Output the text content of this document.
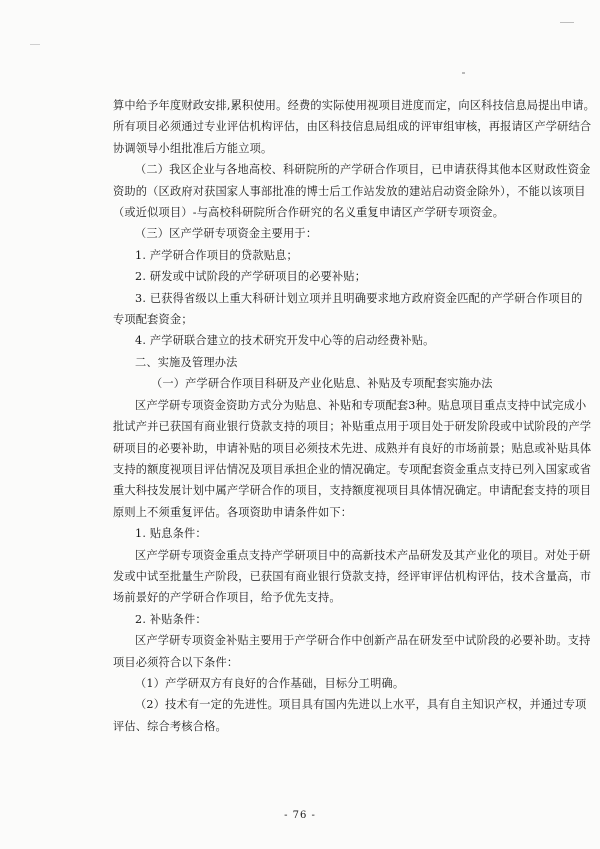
算中给予年度财政安排,累积使用。经费的实际使用视项目进度而定，向区科技信息局提出申请。
所有项目必须通过专业评估机构评估，由区科技信息局组成的评审组审核，再报请区产学研结合
协调领导小组批准后方能立项。
（二）我区企业与各地高校、科研院所的产学研合作项目，已申请获得其他本区财政性资金
资助的（区政府对获国家人事部批准的博士后工作站发放的建站启动资金除外），不能以该项目
（或近似项目）-与高校科研院所合作研究的名义重复申请区产学研专项资金。
（三）区产学研专项资金主要用于：
1. 产学研合作项目的贷款贴息；
2. 研发或中试阶段的产学研项目的必要补贴；
3. 已获得省级以上重大科研计划立项并且明确要求地方政府资金匹配的产学研合作项目的
专项配套资金；
4. 产学研联合建立的技术研究开发中心等的启动经费补贴。
二、实施及管理办法
（一）产学研合作项目科研及产业化贴息、补贴及专项配套实施办法
区产学研专项资金资助方式分为贴息、补贴和专项配套3种。贴息项目重点支持中试完成小
批试产并已获国有商业银行贷款支持的项目；补贴重点用于项目处于研发阶段或中试阶段的产学
研项目的必要补助，申请补贴的项目必须技术先进、成熟并有良好的市场前景；贴息或补贴具体
支持的额度视项目评估情况及项目承担企业的情况确定。专项配套资金重点支持已列入国家或省
重大科技发展计划中属产学研合作的项目，支持额度视项目具体情况确定。申请配套支持的项目
原则上不须重复评估。各项资助申请条件如下：
1. 贴息条件：
区产学研专项资金重点支持产学研项目中的高新技术产品研发及其产业化的项目。对处于研
发或中试至批量生产阶段，已获国有商业银行贷款支持，经评审评估机构评估，技术含量高，市
场前景好的产学研合作项目，给予优先支持。
2. 补贴条件：
区产学研专项资金补贴主要用于产学研合作中创新产品在研发至中试阶段的必要补助。支持
项目必须符合以下条件：
（1）产学研双方有良好的合作基础，目标分工明确。
（2）技术有一定的先进性。项目具有国内先进以上水平，具有自主知识产权，并通过专项
评估、综合考核合格。
- 76 -
